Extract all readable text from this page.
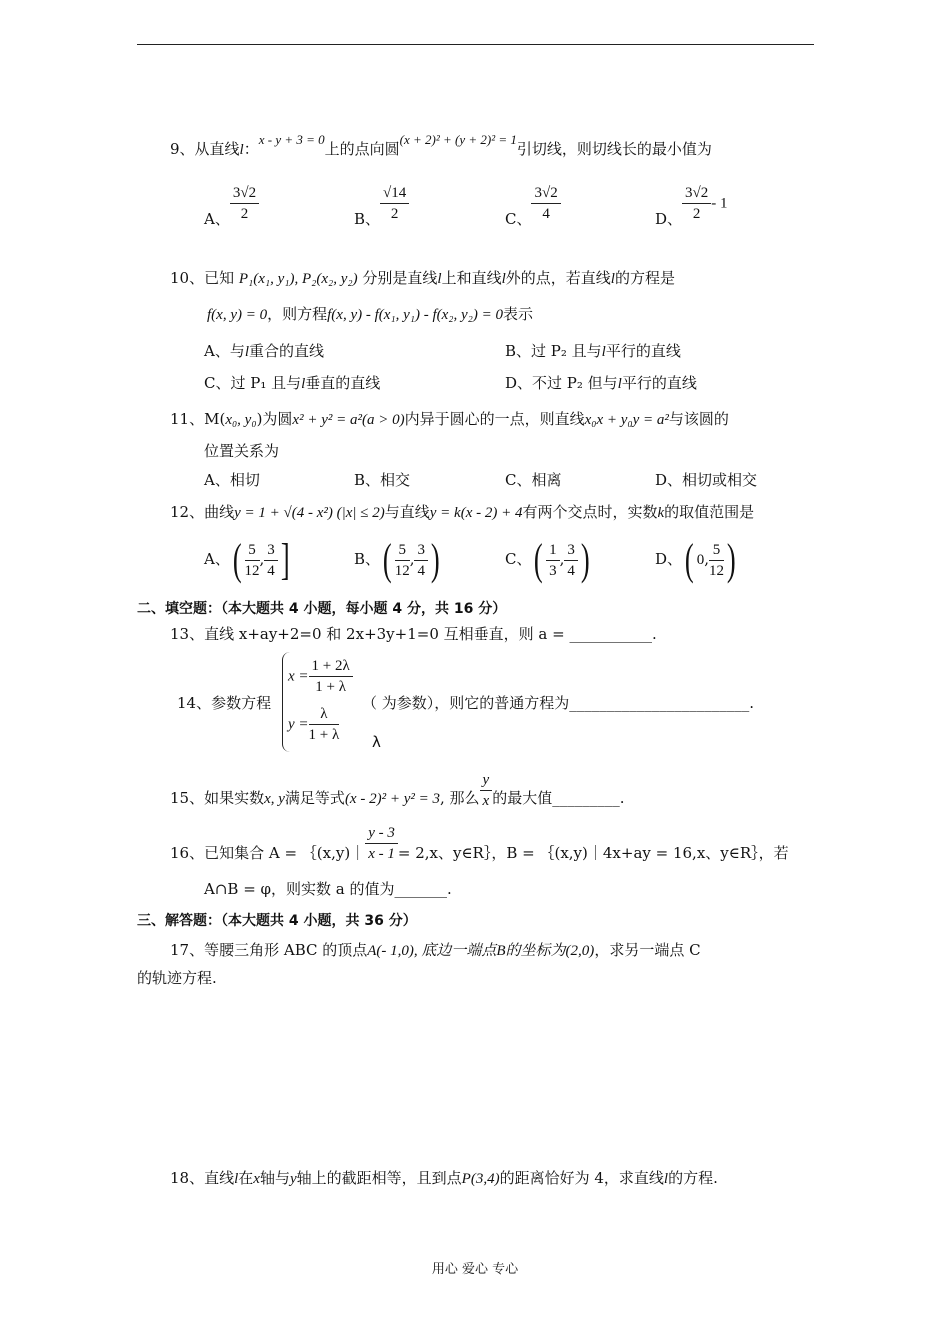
9、从直线l：x - y + 3 = 0上的点向圆(x + 2)² + (y + 2)² = 1引切线，则切线长的最小值为
A、 $\frac{3√2}{2}$	B、 $\frac{√14}{2}$	C、 $\frac{3√2}{4}$	D、 $\frac{3√2}{2} - 1$
10、已知 P₁(x₁, y₁), P₂(x₂, y₂) 分别是直线l上和直线l外的点，若直线l的方程是
f(x, y) = 0，则方程f(x, y) - f(x₁, y₁) - f(x₂, y₂) = 0表示
A、与l重合的直线	B、过 P₂ 且与l平行的直线
C、过 P₁ 且与l垂直的直线	D、不过 P₂ 但与l平行的直线
11、M(x₀, y₀)为圆x² + y² = a²(a > 0)内异于圆心的一点，则直线x₀x + y₀y = a²与该圆的
位置关系为
A、相切	B、相交	C、相离	D、相切或相交
12、曲线y = 1 + √(4 - x²) (|x| ≤ 2)与直线y = k(x - 2) + 4有两个交点时，实数k的取值范围是
A、( $\frac{5}{12}$ , $\frac{3}{4}$ ]	B、( $\frac{5}{12}$ , $\frac{3}{4}$ )	C、( $\frac{1}{3}$ , $\frac{3}{4}$ )	D、( 0, $\frac{5}{12}$ )
二、填空题：（本大题共 4 小题，每小题 4 分，共 16 分）
13、直线 x+ay+2=0 和 2x+3y+1=0 互相垂直，则 a = ___________.
14、参数方程
$x = \frac{1 + 2\lambda}{1 + \lambda}$
$y = \frac{\lambda}{1 + \lambda}$
（ 为参数），则它的普通方程为________________________.
λ
15、如果实数x, y满足等式(x - 2)² + y² = 3, 那么 $\frac{y}{x}$ 的最大值_________.
16、已知集合 A = ｛(x,y)｜ $\frac{y - 3}{x - 1} = 2,x$、y∈R｝，B = ｛(x,y)｜4x+ay = 16,x、y∈R｝，若
A∩B = φ，则实数 a 的值为_______.
三、解答题：（本大题共 4 小题，共 36 分）
17、等腰三角形 ABC 的顶点A(- 1,0), 底边一端点B的坐标为(2,0)，求另一端点 C
的轨迹方程.
18、直线l在x轴与y轴上的截距相等，且到点P(3,4)的距离恰好为 4，求直线l的方程.
用心 爱心 专心
